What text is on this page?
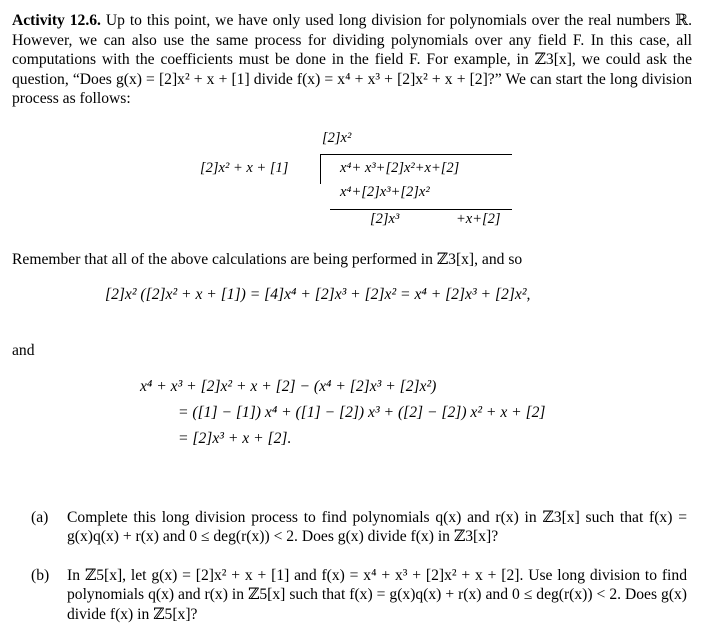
Activity 12.6. Up to this point, we have only used long division for polynomials over the real numbers ℝ. However, we can also use the same process for dividing polynomials over any field F. In this case, all computations with the coefficients must be done in the field F. For example, in ℤ3[x], we could ask the question, “Does g(x) = [2]x² + x + [1] divide f(x) = x⁴ + x³ + [2]x² + x + [2]?” We can start the long division process as follows:
[2]x²
[2]x² + x + [1]	x⁴+ x³+[2]x²+x+[2]
x⁴+[2]x³+[2]x²
[2]x³	+x+[2]
Remember that all of the above calculations are being performed in ℤ3[x], and so
[2]x² ([2]x² + x + [1]) = [4]x⁴ + [2]x³ + [2]x² = x⁴ + [2]x³ + [2]x²,
and
x⁴ + x³ + [2]x² + x + [2] − (x⁴ + [2]x³ + [2]x²)
= ([1] − [1]) x⁴ + ([1] − [2]) x³ + ([2] − [2]) x² + x + [2]
= [2]x³ + x + [2].
(a) Complete this long division process to find polynomials q(x) and r(x) in ℤ3[x] such that f(x) = g(x)q(x) + r(x) and 0 ≤ deg(r(x)) < 2. Does g(x) divide f(x) in ℤ3[x]?
(b) In ℤ5[x], let g(x) = [2]x² + x + [1] and f(x) = x⁴ + x³ + [2]x² + x + [2]. Use long division to find polynomials q(x) and r(x) in ℤ5[x] such that f(x) = g(x)q(x) + r(x) and 0 ≤ deg(r(x)) < 2. Does g(x) divide f(x) in ℤ5[x]?
